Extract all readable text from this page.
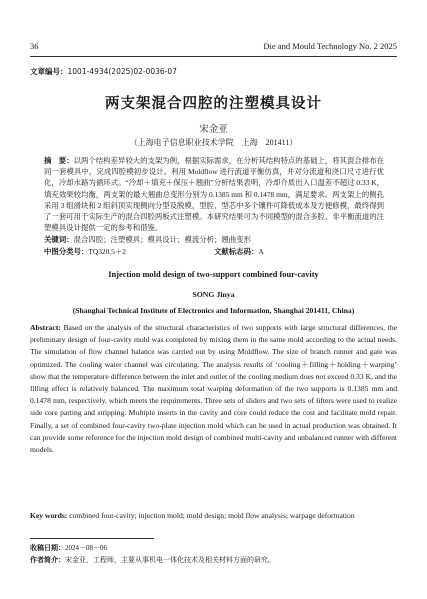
36	Die and Mould Technology No. 2 2025
文章编号：1001-4934(2025)02-0036-07
两支架混合四腔的注塑模具设计
宋金亚
（上海电子信息职业技术学院　上海　201411）
摘　要：以两个结构差异较大的支架为例，根据实际需求，在分析其结构特点的基础上，将其混合排布在同一套模具中，完成四腔模初步设计。利用 Moldflow 进行流道平衡仿真，并对分流道和浇口尺寸进行优化，冷却水路为循环式。“冷却＋填充＋保压＋翘曲”分析结果表明，冷却介质出入口温差不超过 0.33 K，填充效果较均衡，两支架的最大翘曲总变形分别为 0.1385 mm 和 0.1478 mm，满足要求。两支架上的侧孔采用 3 组滑块和 2 组斜顶实现侧向分型及脱模，型腔、型芯中多个镶件可降低成本及方便修模，最终得到了一套可用于实际生产的混合四腔两板式注塑模。本研究结果可为不同模型的混合多腔、非平衡流道的注塑模具设计提供一定的参考和借鉴。
关键词：混合四腔；注塑模具；模具设计；模流分析；翘曲变形
中图分类号：TQ320.5＋2	文献标志码：A
Injection mold design of two-support combined four-cavity
SONG Jinya
(Shanghai Technical Institute of Electronics and Information, Shanghai 201411, China)
Abstract: Based on the analysis of the structural characteristics of two supports with large structural differences, the preliminary design of four-cavity mold was completed by mixing them in the same mold according to the actual needs. The simulation of flow channel balance was carried out by using Moldflow. The size of branch runner and gate was optimized. The cooling water channel was circulating. The analysis results of ‘cooling＋filling＋holding＋warping’ show that the temperature difference between the inlet and outlet of the cooling medium does not exceed 0.33 K, and the filling effect is relatively balanced. The maximum total warping deformation of the two supports is 0.1385 mm and 0.1478 mm, respectively, which meets the requirements. Three sets of sliders and two sets of lifters were used to realize side core parting and stripping. Multiple inserts in the cavity and core could reduce the cost and facilitate mold repair. Finally, a set of combined four-cavity two-plate injection mold which can be used in actual production was obtained. It can provide some reference for the injection mold design of combined multi-cavity and unbalanced runner with different models.
Key words: combined four-cavity; injection mold; mold design; mold flow analysis; warpage deformation
收稿日期：2024－08－06
作者简介：宋金亚，工程师，主要从事机电一体化技术及相关材料方面的研究。
